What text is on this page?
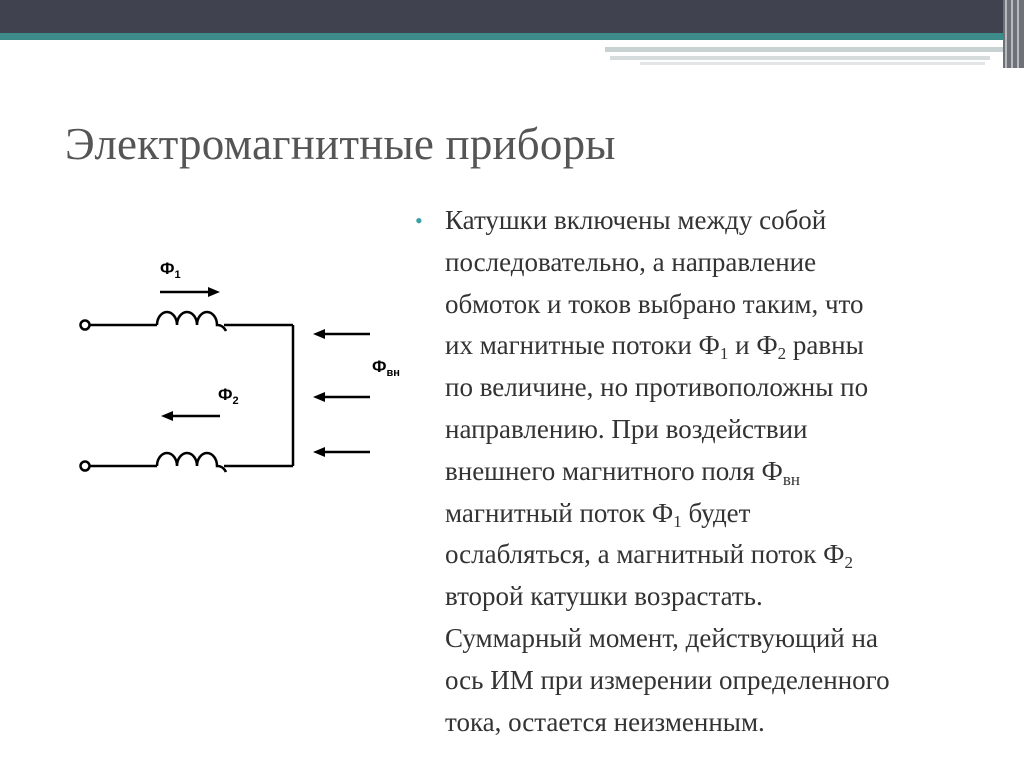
Электромагнитные приборы
$Ф_1$
$Ф_2$
$Ф_{вн}$
• Катушки включены между собой
последовательно, а направление
обмоток и токов выбрано таким, что
их магнитные потоки $Ф_1$ и $Ф_2$ равны
по величине, но противоположны по
направлению. При воздействии
внешнего магнитного поля $Ф_{вн}$
магнитный поток $Ф_1$ будет
ослабляться, а магнитный поток $Ф_2$
второй катушки возрастать.
Суммарный момент, действующий на
ось ИМ при измерении определенного
тока, остается неизменным.
